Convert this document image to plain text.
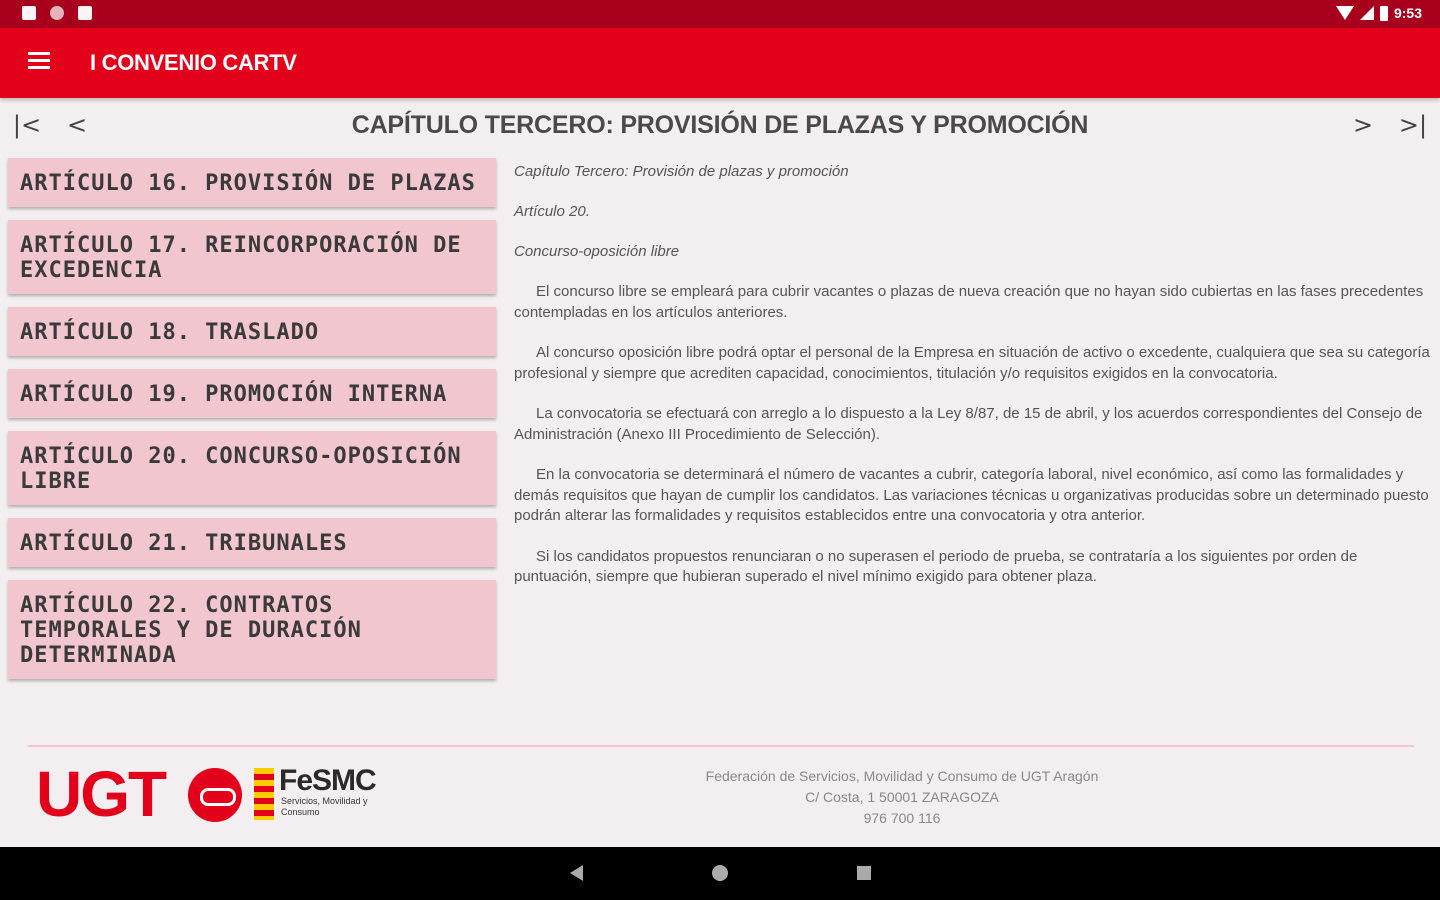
9:53
I CONVENIO CARTV
|< <	CAPÍTULO TERCERO: PROVISIÓN DE PLAZAS Y PROMOCIÓN	> >|
ARTÍCULO 16. PROVISIÓN DE PLAZAS
ARTÍCULO 17. REINCORPORACIÓN DE EXCEDENCIA
ARTÍCULO 18. TRASLADO
ARTÍCULO 19. PROMOCIÓN INTERNA
ARTÍCULO 20. CONCURSO-OPOSICIÓN LIBRE
ARTÍCULO 21. TRIBUNALES
ARTÍCULO 22. CONTRATOS TEMPORALES Y DE DURACIÓN DETERMINADA

Capítulo Tercero: Provisión de plazas y promoción

Artículo 20.

Concurso-oposición libre

El concurso libre se empleará para cubrir vacantes o plazas de nueva creación que no hayan sido cubiertas en las fases precedentes contempladas en los artículos anteriores.

Al concurso oposición libre podrá optar el personal de la Empresa en situación de activo o excedente, cualquiera que sea su categoría profesional y siempre que acrediten capacidad, conocimientos, titulación y/o requisitos exigidos en la convocatoria.

La convocatoria se efectuará con arreglo a lo dispuesto a la Ley 8/87, de 15 de abril, y los acuerdos correspondientes del Consejo de Administración (Anexo III Procedimiento de Selección).

En la convocatoria se determinará el número de vacantes a cubrir, categoría laboral, nivel económico, así como las formalidades y demás requisitos que hayan de cumplir los candidatos. Las variaciones técnicas u organizativas producidas sobre un determinado puesto podrán alterar las formalidades y requisitos establecidos entre una convocatoria y otra anterior.

Si los candidatos propuestos renunciaran o no superasen el periodo de prueba, se contrataría a los siguientes por orden de puntuación, siempre que hubieran superado el nivel mínimo exigido para obtener plaza.

UGT	FeSMC
Servicios, Movilidad y Consumo
Federación de Servicios, Movilidad y Consumo de UGT Aragón
C/ Costa, 1 50001 ZARAGOZA
976 700 116
